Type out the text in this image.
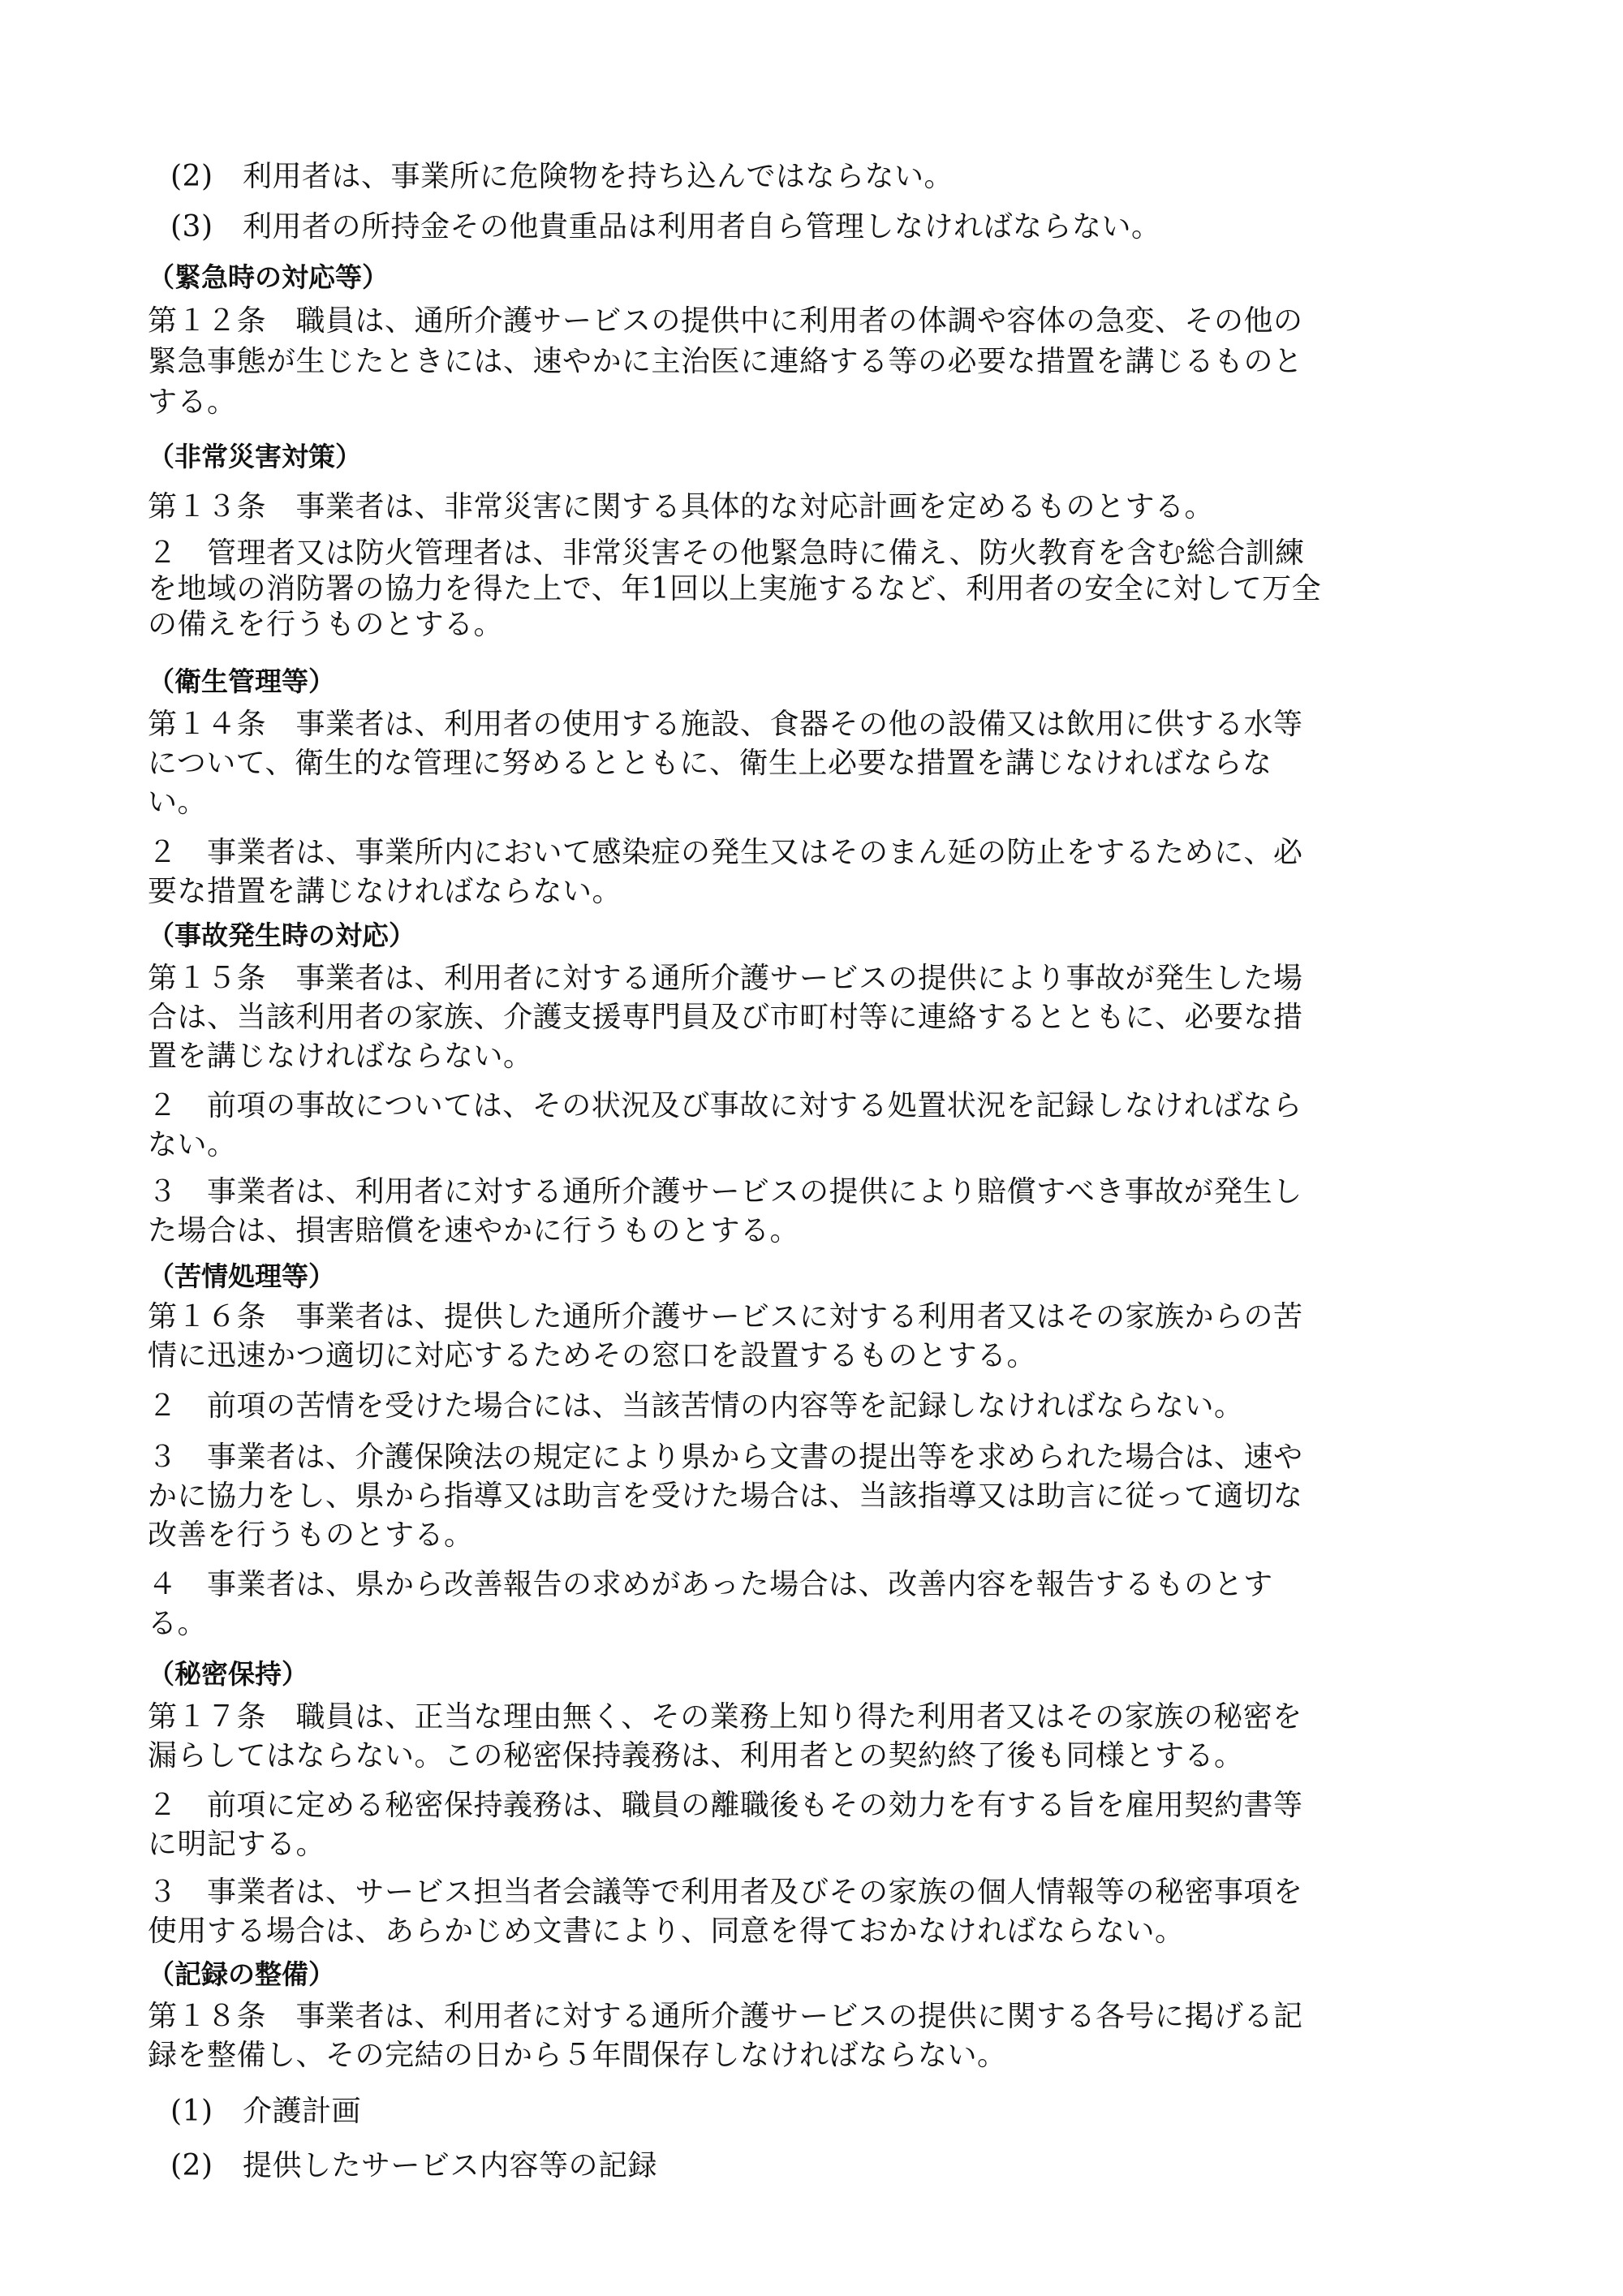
(2)　利用者は、事業所に危険物を持ち込んではならない。

(3)　利用者の所持金その他貴重品は利用者自ら管理しなければならない。

（緊急時の対応等）

第１２条　職員は、通所介護サービスの提供中に利用者の体調や容体の急変、その他の

緊急事態が生じたときには、速やかに主治医に連絡する等の必要な措置を講じるものと

する。

（非常災害対策）

第１３条　事業者は、非常災害に関する具体的な対応計画を定めるものとする。

２　管理者又は防火管理者は、非常災害その他緊急時に備え、防火教育を含む総合訓練

を地域の消防署の協力を得た上で、年1回以上実施するなど、利用者の安全に対して万全

の備えを行うものとする。

（衛生管理等）

第１４条　事業者は、利用者の使用する施設、食器その他の設備又は飲用に供する水等

について、衛生的な管理に努めるとともに、衛生上必要な措置を講じなければならな

い。

２　事業者は、事業所内において感染症の発生又はそのまん延の防止をするために、必

要な措置を講じなければならない。

（事故発生時の対応）

第１５条　事業者は、利用者に対する通所介護サービスの提供により事故が発生した場

合は、当該利用者の家族、介護支援専門員及び市町村等に連絡するとともに、必要な措

置を講じなければならない。

２　前項の事故については、その状況及び事故に対する処置状況を記録しなければなら

ない。

３　事業者は、利用者に対する通所介護サービスの提供により賠償すべき事故が発生し

た場合は、損害賠償を速やかに行うものとする。

（苦情処理等）

第１６条　事業者は、提供した通所介護サービスに対する利用者又はその家族からの苦

情に迅速かつ適切に対応するためその窓口を設置するものとする。

２　前項の苦情を受けた場合には、当該苦情の内容等を記録しなければならない。

３　事業者は、介護保険法の規定により県から文書の提出等を求められた場合は、速や

かに協力をし、県から指導又は助言を受けた場合は、当該指導又は助言に従って適切な

改善を行うものとする。

４　事業者は、県から改善報告の求めがあった場合は、改善内容を報告するものとす

る。

（秘密保持）

第１７条　職員は、正当な理由無く、その業務上知り得た利用者又はその家族の秘密を

漏らしてはならない。この秘密保持義務は、利用者との契約終了後も同様とする。

２　前項に定める秘密保持義務は、職員の離職後もその効力を有する旨を雇用契約書等

に明記する。

３　事業者は、サービス担当者会議等で利用者及びその家族の個人情報等の秘密事項を

使用する場合は、あらかじめ文書により、同意を得ておかなければならない。

（記録の整備）

第１８条　事業者は、利用者に対する通所介護サービスの提供に関する各号に掲げる記

録を整備し、その完結の日から５年間保存しなければならない。

(1)　介護計画

(2)　提供したサービス内容等の記録
